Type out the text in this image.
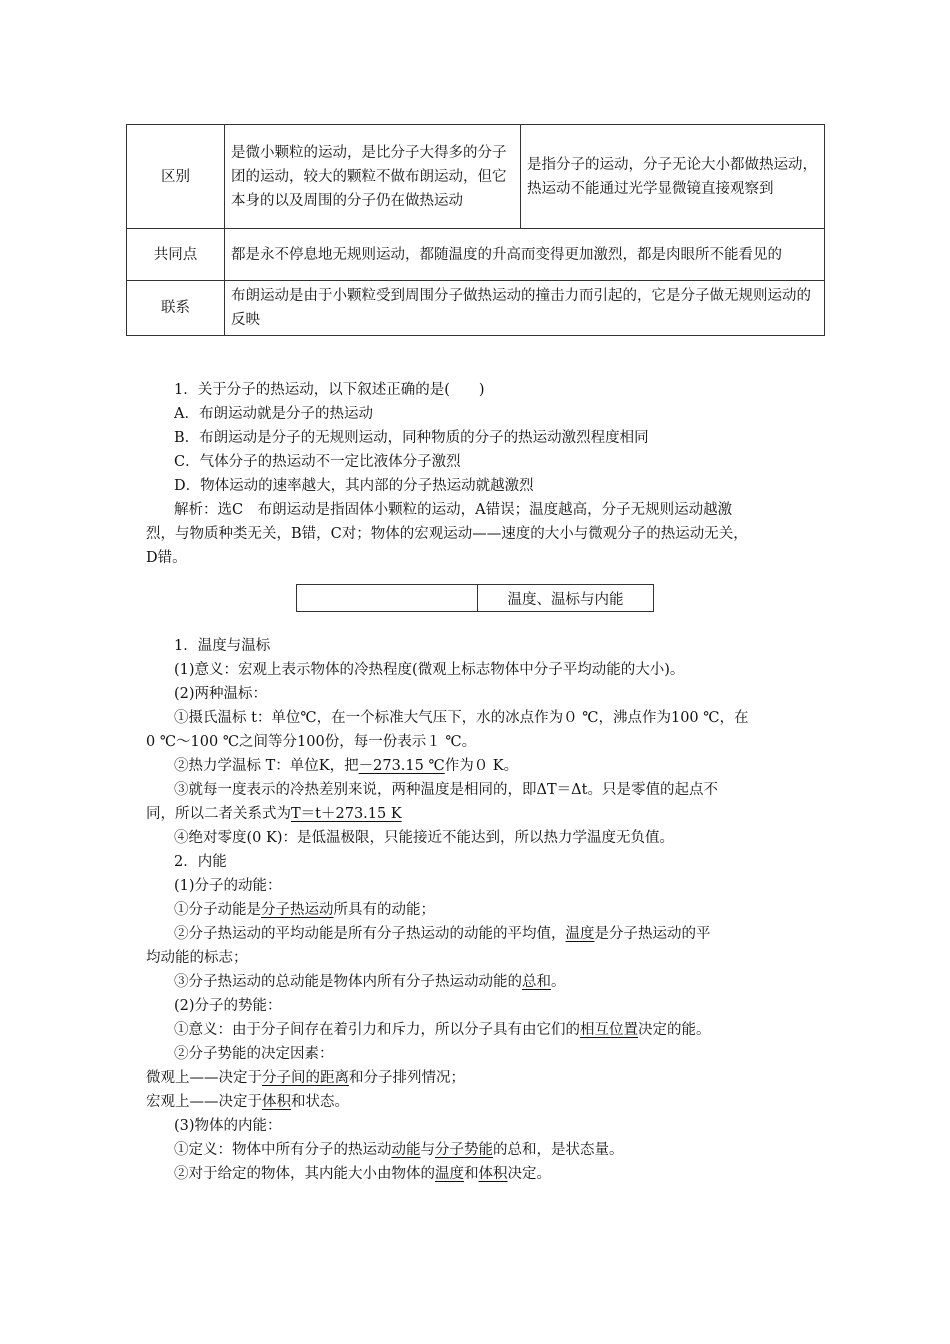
区别	是微小颗粒的运动，是比分子大得多的分子团的运动，较大的颗粒不做布朗运动，但它本身的以及周围的分子仍在做热运动	是指分子的运动，分子无论大小都做热运动，热运动不能通过光学显微镜直接观察到
共同点	都是永不停息地无规则运动，都随温度的升高而变得更加激烈，都是肉眼所不能看见的	
联系	布朗运动是由于小颗粒受到周围分子做热运动的撞击力而引起的，它是分子做无规则运动的反映	
1．关于分子的热运动，以下叙述正确的是(　　)
A．布朗运动就是分子的热运动
B．布朗运动是分子的无规则运动，同种物质的分子的热运动激烈程度相同
C．气体分子的热运动不一定比液体分子激烈
D．物体运动的速率越大，其内部的分子热运动就越激烈
解析：选C　布朗运动是指固体小颗粒的运动，A错误；温度越高，分子无规则运动越激
烈，与物质种类无关，B错，C对；物体的宏观运动——速度的大小与微观分子的热运动无关，
D错。
温度、温标与内能
1．温度与温标
(1)意义：宏观上表示物体的冷热程度(微观上标志物体中分子平均动能的大小)。
(2)两种温标：
①摄氏温标 t：单位℃，在一个标准大气压下，水的冰点作为０ ℃，沸点作为100 ℃，在
0 ℃～100 ℃之间等分100份，每一份表示１ ℃。
②热力学温标 T：单位K，把－273.15 ℃作为０ K。
③就每一度表示的冷热差别来说，两种温度是相同的，即ΔT＝Δt。只是零值的起点不
同，所以二者关系式为T＝t＋273.15 K
④绝对零度(0 K)：是低温极限，只能接近不能达到，所以热力学温度无负值。
2．内能
(1)分子的动能：
①分子动能是分子热运动所具有的动能；
②分子热运动的平均动能是所有分子热运动的动能的平均值，温度是分子热运动的平
均动能的标志；
③分子热运动的总动能是物体内所有分子热运动动能的总和。
(2)分子的势能：
①意义：由于分子间存在着引力和斥力，所以分子具有由它们的相互位置决定的能。
②分子势能的决定因素：
微观上——决定于分子间的距离和分子排列情况；
宏观上——决定于体积和状态。
(3)物体的内能：
①定义：物体中所有分子的热运动动能与分子势能的总和，是状态量。
②对于给定的物体，其内能大小由物体的温度和体积决定。
